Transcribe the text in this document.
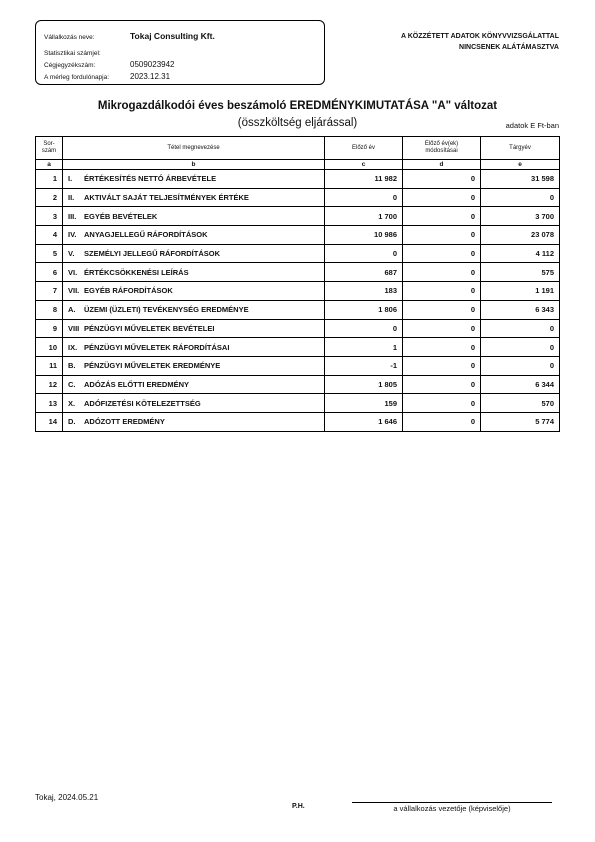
Vállalkozás neve:	Tokaj Consulting Kft.
Statisztikai számjel:
Cégjegyzékszám:	0509023942
A mérleg fordulónapja:	2023.12.31
A KÖZZÉTETT ADATOK KÖNYVVIZSGÁLATTAL
NINCSENEK ALÁTÁMASZTVA
Mikrogazdálkodói éves beszámoló EREDMÉNYKIMUTATÁSA "A" változat
(összköltség eljárással)	adatok E Ft-ban
Sor-
szám	Tétel megnevezése	Előző év	Előző év(ek)
módosításai	Tárgyév
a	b	c	d	e
1	I. ÉRTÉKESÍTÉS NETTÓ ÁRBEVÉTELE	11 982	0	31 598
2	II. AKTIVÁLT SAJÁT TELJESÍTMÉNYEK ÉRTÉKE	0	0	0
3	III. EGYÉB BEVÉTELEK	1 700	0	3 700
4	IV. ANYAGJELLEGŰ RÁFORDÍTÁSOK	10 986	0	23 078
5	V. SZEMÉLYI JELLEGŰ RÁFORDÍTÁSOK	0	0	4 112
6	VI. ÉRTÉKCSÖKKENÉSI LEÍRÁS	687	0	575
7	VII. EGYÉB RÁFORDÍTÁSOK	183	0	1 191
8	A. ÜZEMI (ÜZLETI) TEVÉKENYSÉG EREDMÉNYE	1 806	0	6 343
9	VIII PÉNZÜGYI MŰVELETEK BEVÉTELEI	0	0	0
10	IX. PÉNZÜGYI MŰVELETEK RÁFORDÍTÁSAI	1	0	0
11	B. PÉNZÜGYI MŰVELETEK EREDMÉNYE	-1	0	0
12	C. ADÓZÁS ELŐTTI EREDMÉNY	1 805	0	6 344
13	X. ADÓFIZETÉSI KÖTELEZETTSÉG	159	0	570
14	D. ADÓZOTT EREDMÉNY	1 646	0	5 774
Tokaj, 2024.05.21
P.H.	a vállalkozás vezetője (képviselője)
